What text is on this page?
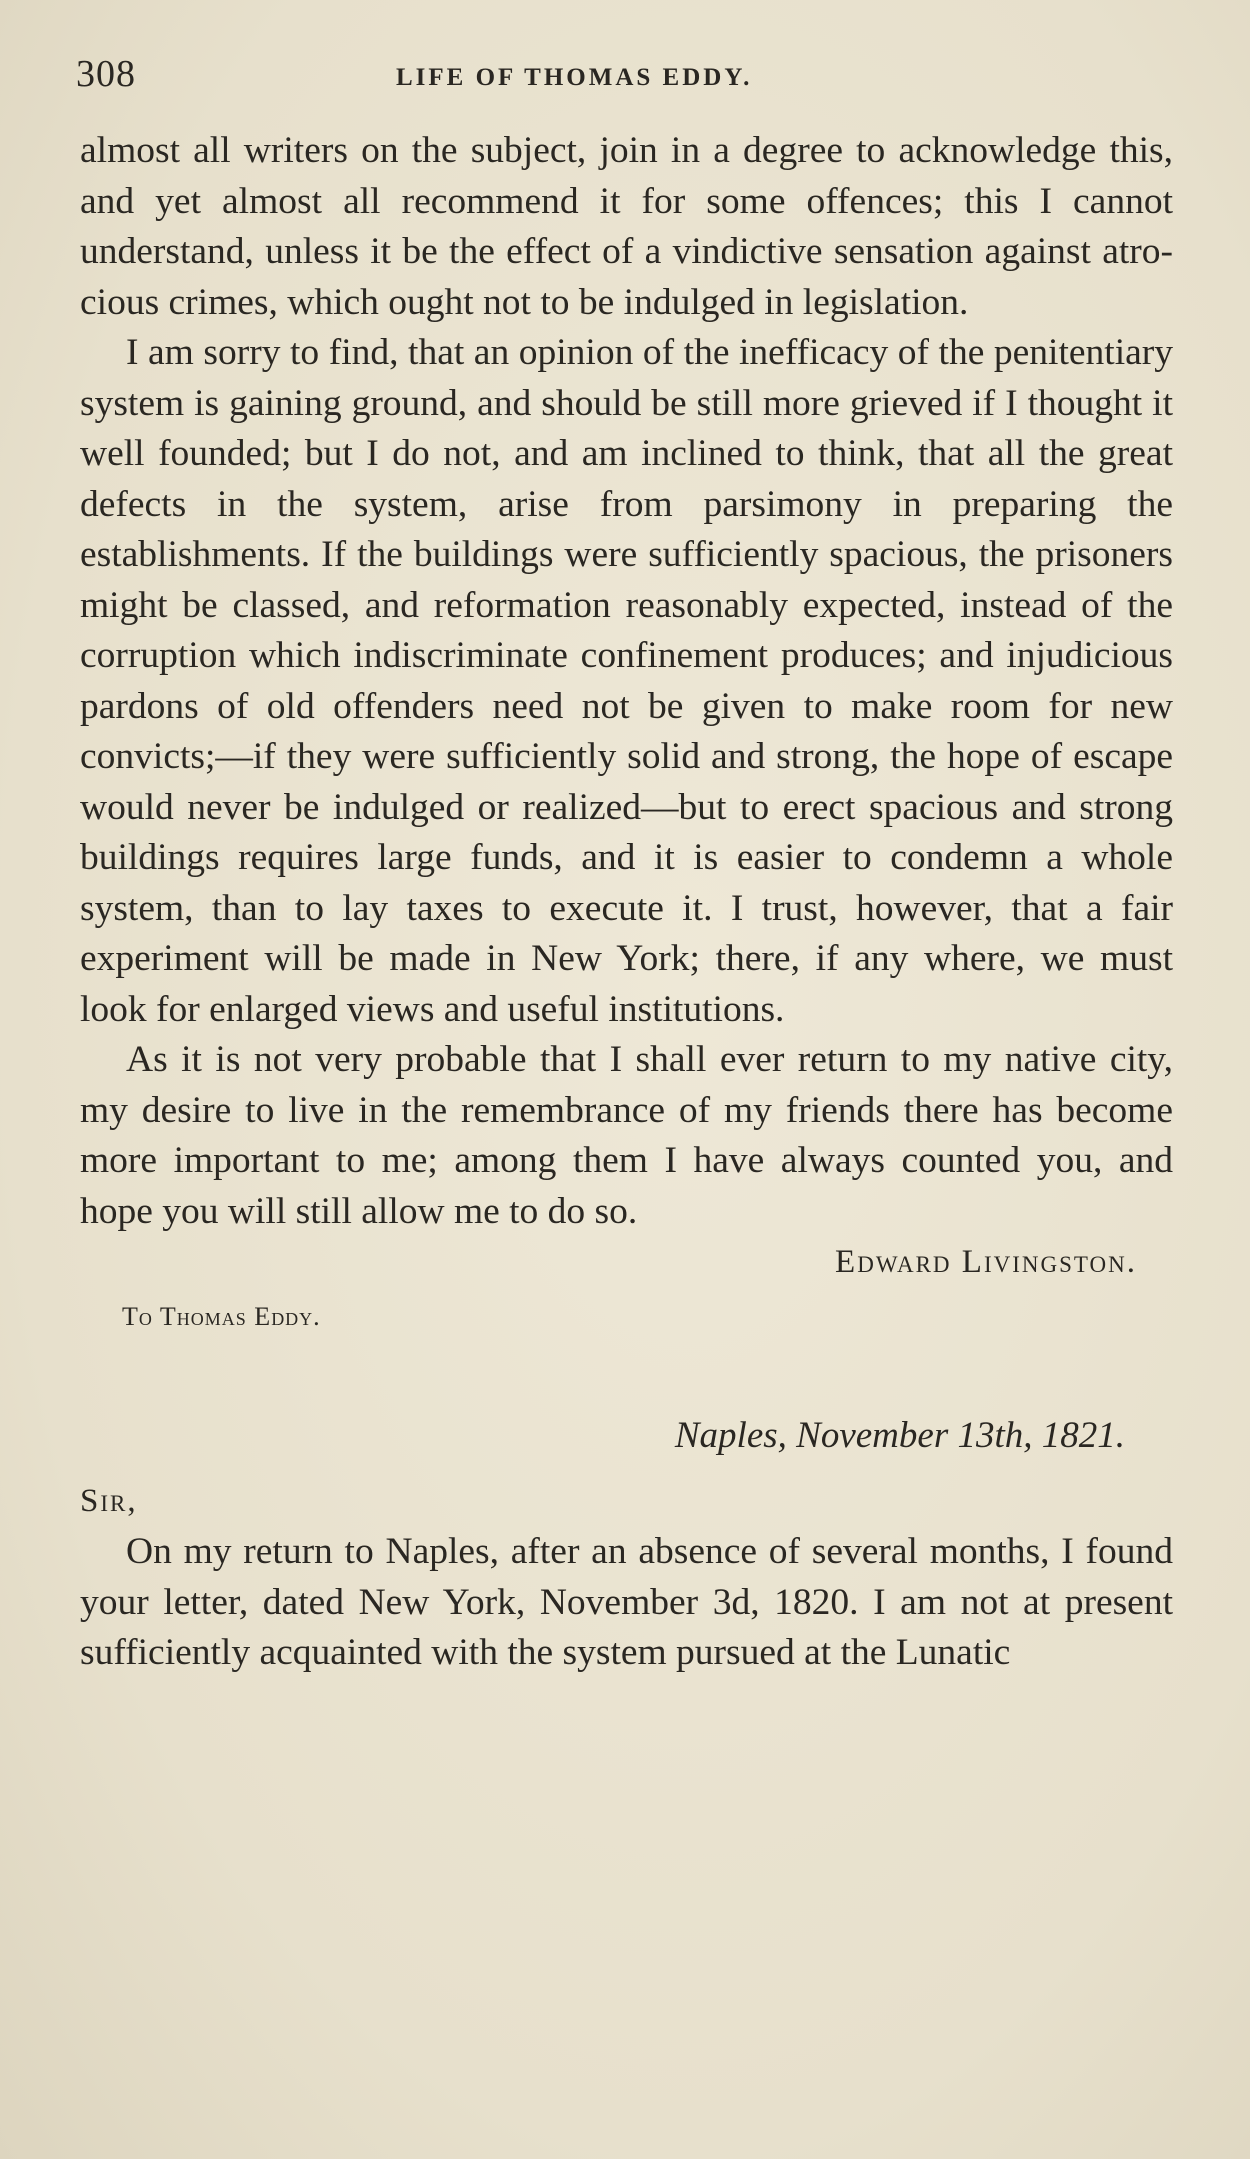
308	LIFE OF THOMAS EDDY.

almost all writers on the subject, join in a degree to acknowledge this, and yet almost all recommend it for some offences; this I cannot understand, unless it be the effect of a vindictive sensation against atrocious crimes, which ought not to be indulged in legislation.

I am sorry to find, that an opinion of the inefficacy of the penitentiary system is gaining ground, and should be still more grieved if I thought it well founded; but I do not, and am inclined to think, that all the great defects in the system, arise from parsimony in preparing the establishments. If the buildings were sufficiently spacious, the prisoners might be classed, and reformation reasonably expected, instead of the corruption which indiscriminate confinement produces; and injudicious pardons of old offenders need not be given to make room for new convicts;—if they were sufficiently solid and strong, the hope of escape would never be indulged or realized—but to erect spacious and strong buildings requires large funds, and it is easier to condemn a whole system, than to lay taxes to execute it. I trust, however, that a fair experiment will be made in New York; there, if any where, we must look for enlarged views and useful institutions.

As it is not very probable that I shall ever return to my native city, my desire to live in the remembrance of my friends there has become more important to me; among them I have always counted you, and hope you will still allow me to do so.

Edward Livingston.

To Thomas Eddy.

Naples, November 13th, 1821.

Sir,

On my return to Naples, after an absence of several months, I found your letter, dated New York, November 3d, 1820. I am not at present sufficiently acquainted with the system pursued at the Lunatic
